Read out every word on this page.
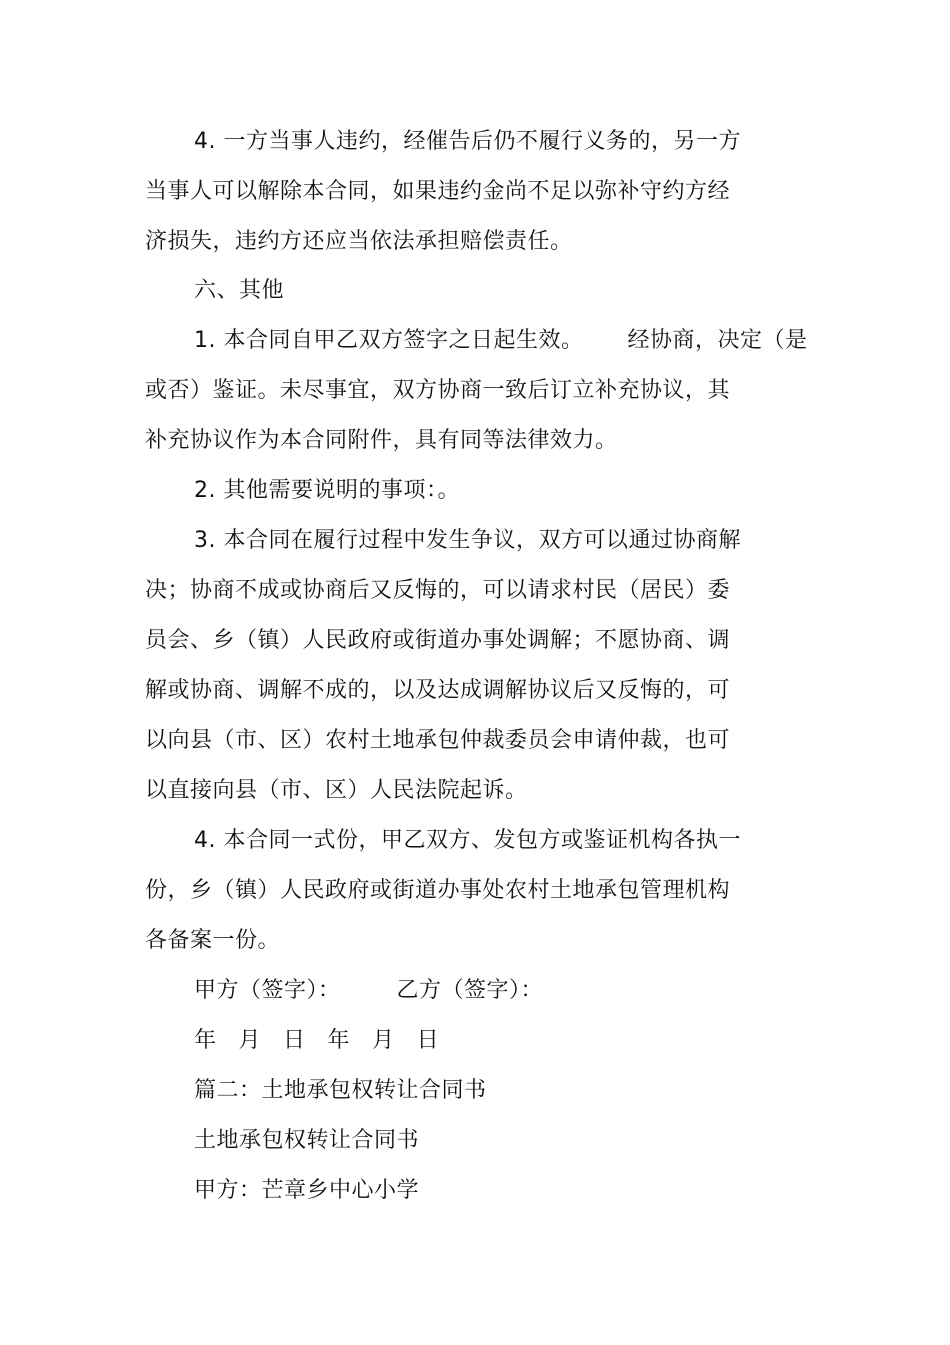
4. 一方当事人违约，经催告后仍不履行义务的，另一方
当事人可以解除本合同，如果违约金尚不足以弥补守约方经
济损失，违约方还应当依法承担赔偿责任。
六、其他
1. 本合同自甲乙双方签字之日起生效。 经协商，决定（是
或否）鉴证。未尽事宜，双方协商一致后订立补充协议，其
补充协议作为本合同附件，具有同等法律效力。
2. 其他需要说明的事项：。
3. 本合同在履行过程中发生争议，双方可以通过协商解
决；协商不成或协商后又反悔的，可以请求村民（居民）委
员会、乡（镇）人民政府或街道办事处调解；不愿协商、调
解或协商、调解不成的，以及达成调解协议后又反悔的，可
以向县（市、区）农村土地承包仲裁委员会申请仲裁，也可
以直接向县（市、区）人民法院起诉。
4. 本合同一式份，甲乙双方、发包方或鉴证机构各执一
份，乡（镇）人民政府或街道办事处农村土地承包管理机构
各备案一份。
甲方（签字）：	乙方（签字）：
年 月 日 年 月 日
篇二：土地承包权转让合同书
土地承包权转让合同书
甲方：芒章乡中心小学
